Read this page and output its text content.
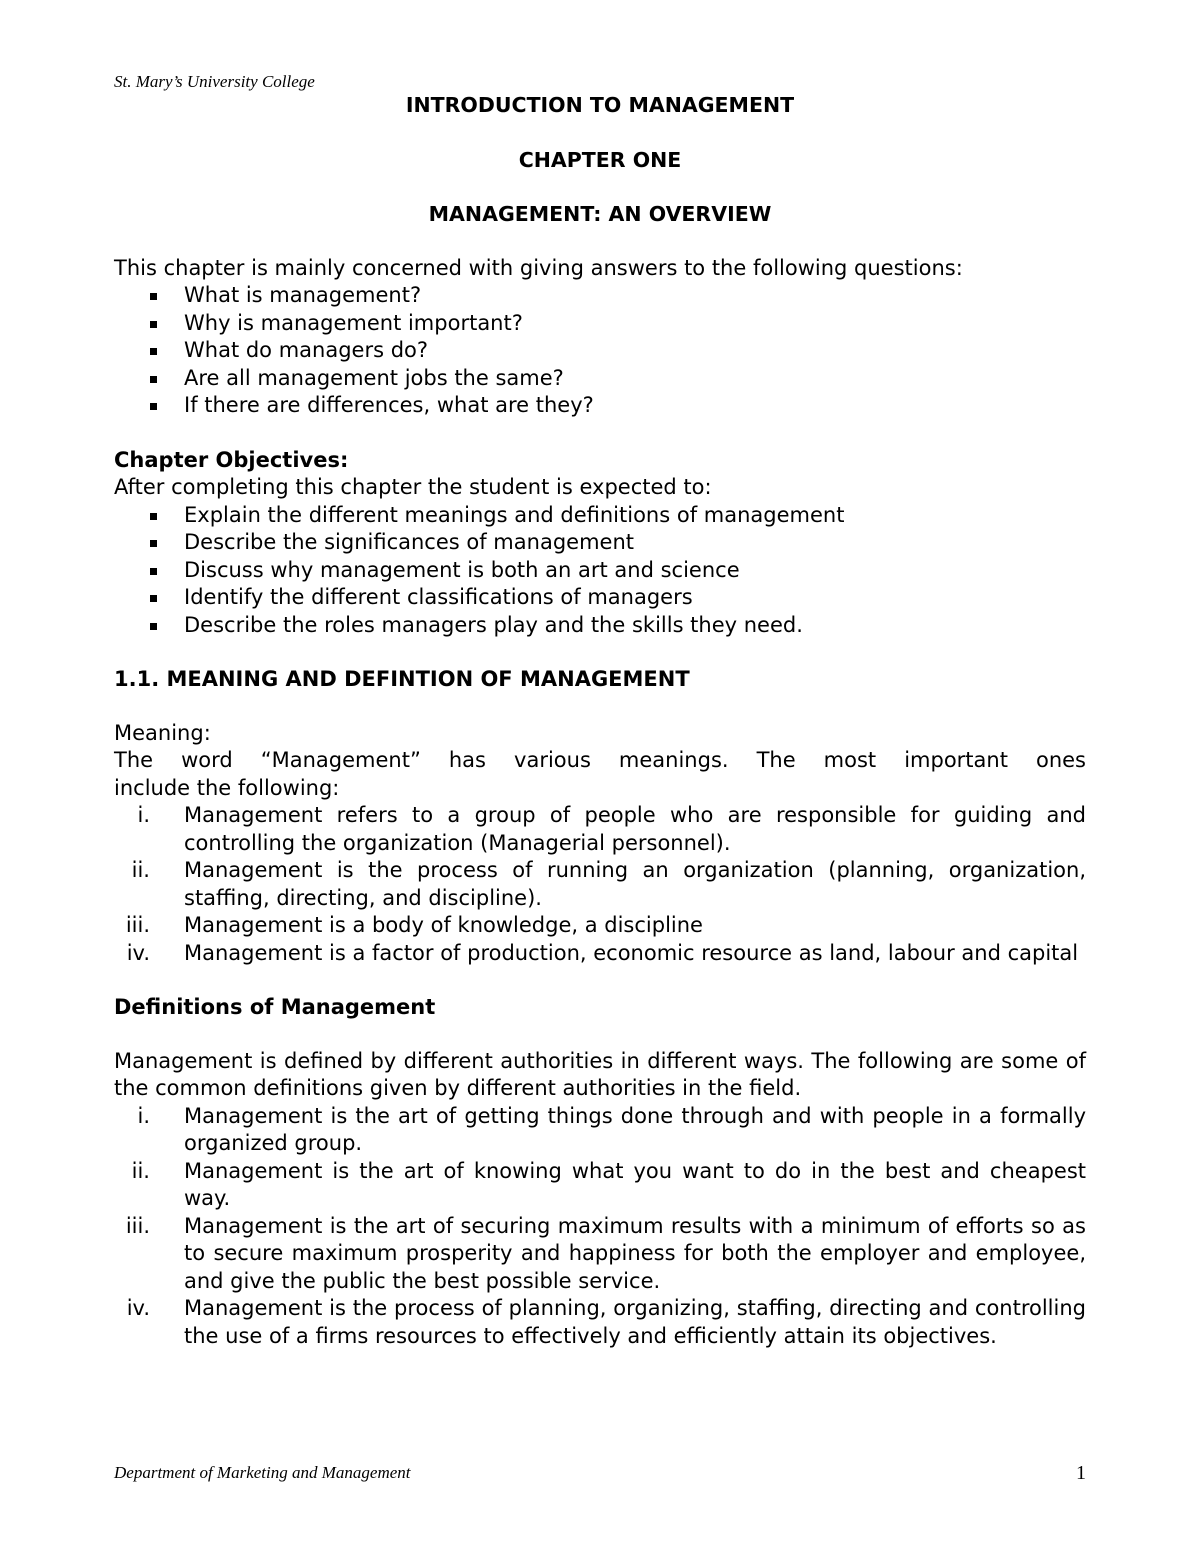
St. Mary’s University College
INTRODUCTION TO MANAGEMENT
CHAPTER ONE
MANAGEMENT: AN OVERVIEW

This chapter is mainly concerned with giving answers to the following questions:

What is management?
Why is management important?
What do managers do?
Are all management jobs the same?
If there are differences, what are they?

Chapter Objectives:

After completing this chapter the student is expected to:

Explain the different meanings and definitions of management
Describe the significances of management
Discuss why management is both an art and science
Identify the different classifications of managers
Describe the roles managers play and the skills they need.

1.1. MEANING AND DEFINTION OF MANAGEMENT

Meaning:

The word “Management” has various meanings. The most important ones

include the following:

i. Management refers to a group of people who are responsible for guiding and controlling the organization (Managerial personnel).
ii. Management is the process of running an organization (planning, organization, staffing, directing, and discipline).
iii. Management is a body of knowledge, a discipline
iv. Management is a factor of production, economic resource as land, labour and capital

Definitions of Management

Management is defined by different authorities in different ways. The following are some of the common definitions given by different authorities in the field.

i. Management is the art of getting things done through and with people in a formally organized group.
ii. Management is the art of knowing what you want to do in the best and cheapest way.
iii. Management is the art of securing maximum results with a minimum of efforts so as to secure maximum prosperity and happiness for both the employer and employee, and give the public the best possible service.
iv. Management is the process of planning, organizing, staffing, directing and controlling the use of a firms resources to effectively and efficiently attain its objectives.
Department of Marketing and Management	1
